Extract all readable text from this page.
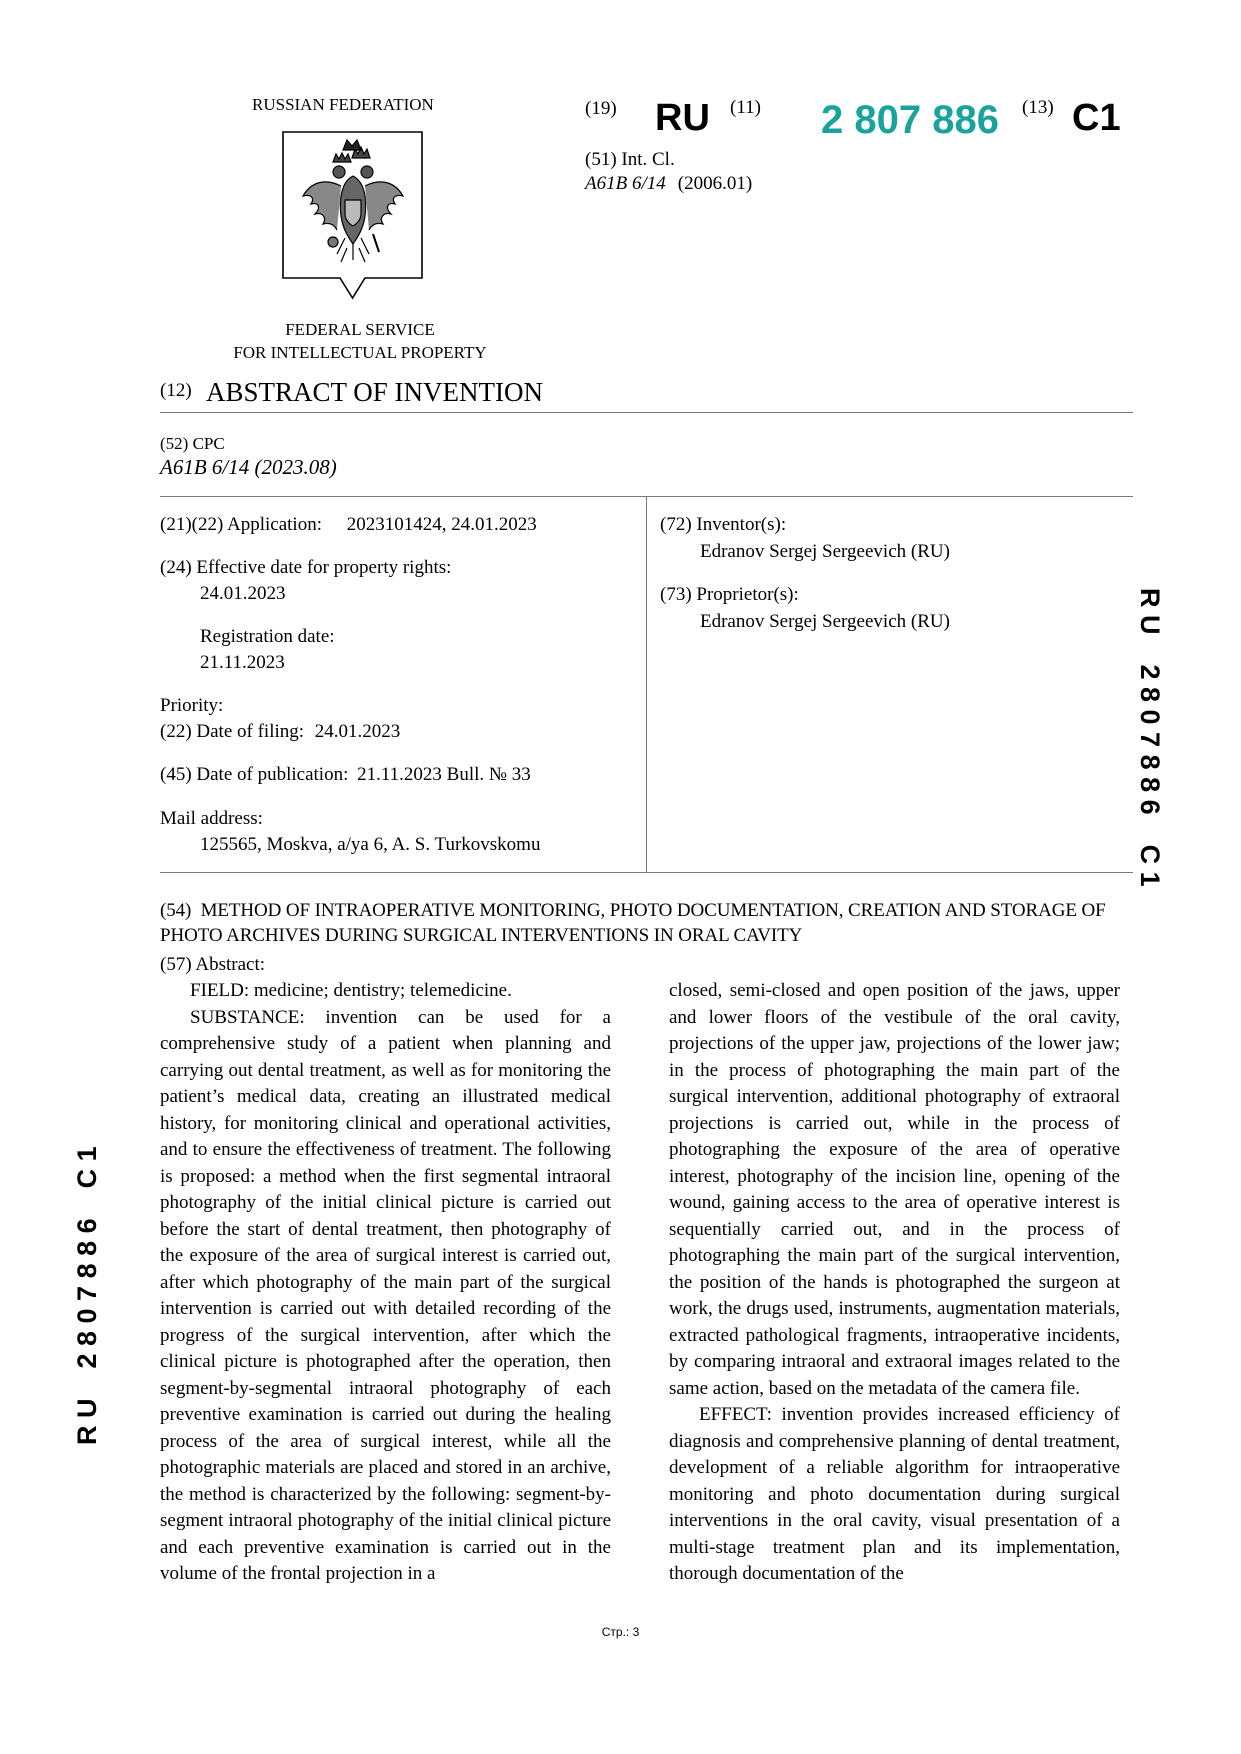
RUSSIAN FEDERATION
FEDERAL SERVICE
FOR INTELLECTUAL PROPERTY
(19) RU (11) 2 807 886 (13) C1
(51) Int. Cl.
A61B 6/14 (2006.01)
(12) ABSTRACT OF INVENTION
(52) CPC
A61B 6/14 (2023.08)
(21)(22) Application: 2023101424, 24.01.2023
(24) Effective date for property rights:
24.01.2023
Registration date:
21.11.2023
Priority:
(22) Date of filing: 24.01.2023
(45) Date of publication: 21.11.2023 Bull. № 33
Mail address:
125565, Moskva, a/ya 6, A. S. Turkovskomu
(72) Inventor(s):
Edranov Sergej Sergeevich (RU)
(73) Proprietor(s):
Edranov Sergej Sergeevich (RU)
(54) METHOD OF INTRAOPERATIVE MONITORING, PHOTO DOCUMENTATION, CREATION AND STORAGE OF PHOTO ARCHIVES DURING SURGICAL INTERVENTIONS IN ORAL CAVITY
(57) Abstract:

FIELD: medicine; dentistry; telemedicine.

SUBSTANCE: invention can be used for a comprehensive study of a patient when planning and carrying out dental treatment, as well as for monitoring the patient’s medical data, creating an illustrated medical history, for monitoring clinical and operational activities, and to ensure the effectiveness of treatment. The following is proposed: a method when the first segmental intraoral photography of the initial clinical picture is carried out before the start of dental treatment, then photography of the exposure of the area of surgical interest is carried out, after which photography of the main part of the surgical intervention is carried out with detailed recording of the progress of the surgical intervention, after which the clinical picture is photographed after the operation, then segment-by-segmental intraoral photography of each preventive examination is carried out during the healing process of the area of surgical interest, while all the photographic materials are placed and stored in an archive, the method is characterized by the following: segment-by-segment intraoral photography of the initial clinical picture and each preventive examination is carried out in the volume of the frontal projection in a

closed, semi-closed and open position of the jaws, upper and lower floors of the vestibule of the oral cavity, projections of the upper jaw, projections of the lower jaw; in the process of photographing the main part of the surgical intervention, additional photography of extraoral projections is carried out, while in the process of photographing the exposure of the area of operative interest, photography of the incision line, opening of the wound, gaining access to the area of operative interest is sequentially carried out, and in the process of photographing the main part of the surgical intervention, the position of the hands is photographed the surgeon at work, the drugs used, instruments, augmentation materials, extracted pathological fragments, intraoperative incidents, by comparing intraoral and extraoral images related to the same action, based on the metadata of the camera file.

EFFECT: invention provides increased efficiency of diagnosis and comprehensive planning of dental treatment, development of a reliable algorithm for intraoperative monitoring and photo documentation during surgical interventions in the oral cavity, visual presentation of a multi-stage treatment plan and its implementation, thorough documentation of the

R U    2 8 0 7 8 8 6    C 1
R U    2 8 0 7 8 8 6    C 1
Стр.: 3
